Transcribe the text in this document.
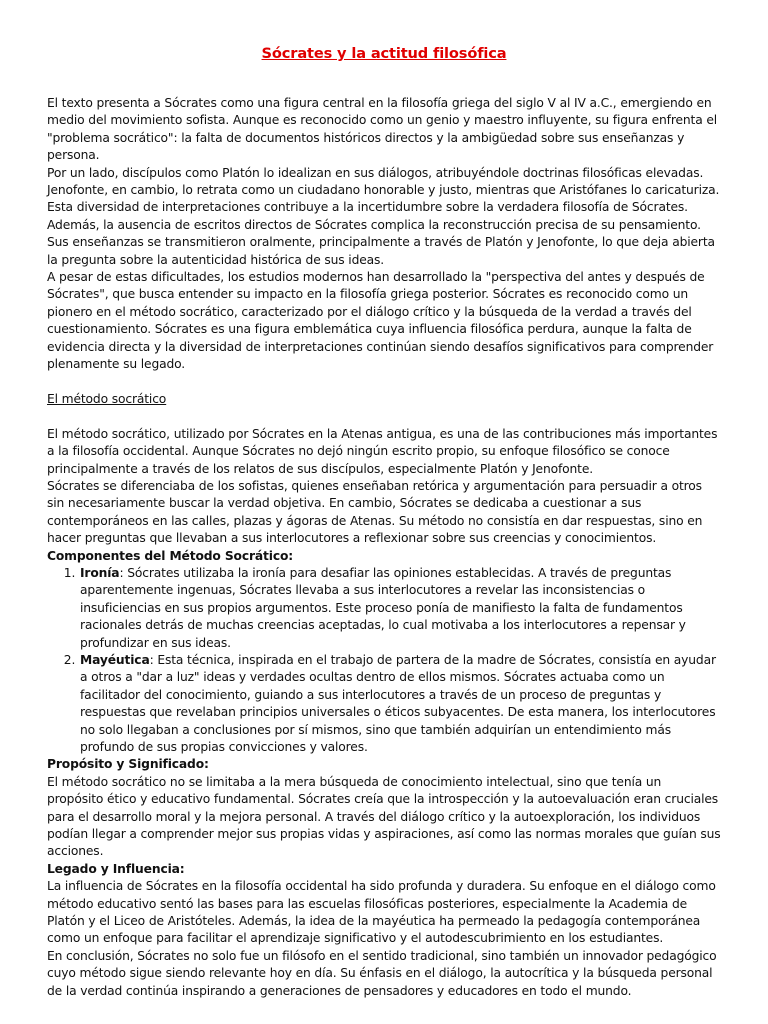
Sócrates y la actitud filosófica

El texto presenta a Sócrates como una figura central en la filosofía griega del siglo V al IV a.C., emergiendo en medio del movimiento sofista. Aunque es reconocido como un genio y maestro influyente, su figura enfrenta el "problema socrático": la falta de documentos históricos directos y la ambigüedad sobre sus enseñanzas y persona.

Por un lado, discípulos como Platón lo idealizan en sus diálogos, atribuyéndole doctrinas filosóficas elevadas. Jenofonte, en cambio, lo retrata como un ciudadano honorable y justo, mientras que Aristófanes lo caricaturiza. Esta diversidad de interpretaciones contribuye a la incertidumbre sobre la verdadera filosofía de Sócrates.

Además, la ausencia de escritos directos de Sócrates complica la reconstrucción precisa de su pensamiento. Sus enseñanzas se transmitieron oralmente, principalmente a través de Platón y Jenofonte, lo que deja abierta la pregunta sobre la autenticidad histórica de sus ideas.

A pesar de estas dificultades, los estudios modernos han desarrollado la "perspectiva del antes y después de Sócrates", que busca entender su impacto en la filosofía griega posterior. Sócrates es reconocido como un pionero en el método socrático, caracterizado por el diálogo crítico y la búsqueda de la verdad a través del cuestionamiento. Sócrates es una figura emblemática cuya influencia filosófica perdura, aunque la falta de evidencia directa y la diversidad de interpretaciones continúan siendo desafíos significativos para comprender plenamente su legado.

El método socrático

El método socrático, utilizado por Sócrates en la Atenas antigua, es una de las contribuciones más importantes a la filosofía occidental. Aunque Sócrates no dejó ningún escrito propio, su enfoque filosófico se conoce principalmente a través de los relatos de sus discípulos, especialmente Platón y Jenofonte.

Sócrates se diferenciaba de los sofistas, quienes enseñaban retórica y argumentación para persuadir a otros sin necesariamente buscar la verdad objetiva. En cambio, Sócrates se dedicaba a cuestionar a sus contemporáneos en las calles, plazas y ágoras de Atenas. Su método no consistía en dar respuestas, sino en hacer preguntas que llevaban a sus interlocutores a reflexionar sobre sus creencias y conocimientos.

Componentes del Método Socrático:

1. Ironía: Sócrates utilizaba la ironía para desafiar las opiniones establecidas. A través de preguntas aparentemente ingenuas, Sócrates llevaba a sus interlocutores a revelar las inconsistencias o insuficiencias en sus propios argumentos. Este proceso ponía de manifiesto la falta de fundamentos racionales detrás de muchas creencias aceptadas, lo cual motivaba a los interlocutores a repensar y profundizar en sus ideas.
2. Mayéutica: Esta técnica, inspirada en el trabajo de partera de la madre de Sócrates, consistía en ayudar a otros a "dar a luz" ideas y verdades ocultas dentro de ellos mismos. Sócrates actuaba como un facilitador del conocimiento, guiando a sus interlocutores a través de un proceso de preguntas y respuestas que revelaban principios universales o éticos subyacentes. De esta manera, los interlocutores no solo llegaban a conclusiones por sí mismos, sino que también adquirían un entendimiento más profundo de sus propias convicciones y valores.

Propósito y Significado:

El método socrático no se limitaba a la mera búsqueda de conocimiento intelectual, sino que tenía un propósito ético y educativo fundamental. Sócrates creía que la introspección y la autoevaluación eran cruciales para el desarrollo moral y la mejora personal. A través del diálogo crítico y la autoexploración, los individuos podían llegar a comprender mejor sus propias vidas y aspiraciones, así como las normas morales que guían sus acciones.

Legado y Influencia:

La influencia de Sócrates en la filosofía occidental ha sido profunda y duradera. Su enfoque en el diálogo como método educativo sentó las bases para las escuelas filosóficas posteriores, especialmente la Academia de Platón y el Liceo de Aristóteles. Además, la idea de la mayéutica ha permeado la pedagogía contemporánea como un enfoque para facilitar el aprendizaje significativo y el autodescubrimiento en los estudiantes.

En conclusión, Sócrates no solo fue un filósofo en el sentido tradicional, sino también un innovador pedagógico cuyo método sigue siendo relevante hoy en día. Su énfasis en el diálogo, la autocrítica y la búsqueda personal de la verdad continúa inspirando a generaciones de pensadores y educadores en todo el mundo.
